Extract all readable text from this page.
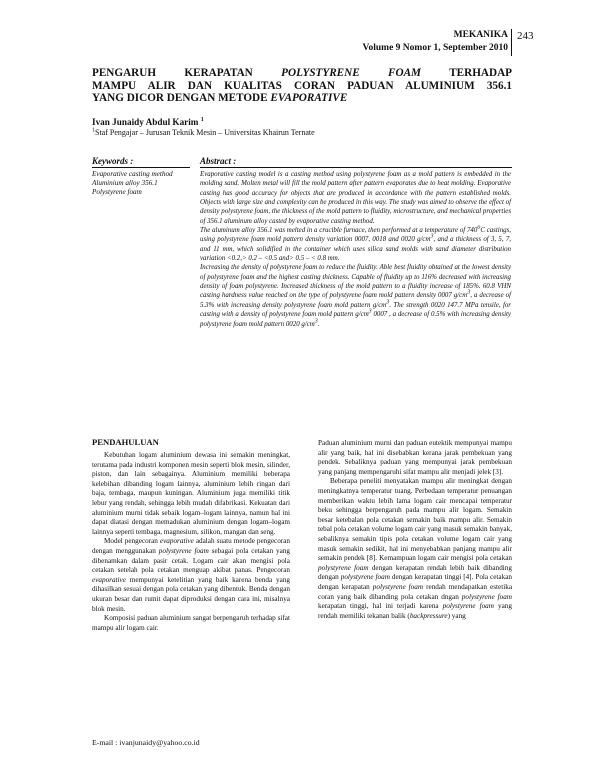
MEKANIKA
Volume 9 Nomor 1, September 2010
243
PENGARUH KERAPATAN	POLYSTYRENE FOAM	TERHADAP
MAMPU ALIR DAN KUALITAS CORAN PADUAN ALUMINIUM 356.1
YANG DICOR DENGAN METODE EVAPORATIVE
Ivan Junaidy Abdul Karim $^1$
$^1$Staf Pengajar – Jurusan Teknik Mesin – Universitas Khairun Ternate
Keywords :
Evaporative casting method
Aluminium alloy 356.1
Polystyrene foam
Abstract :

Evaporative casting model is a casting method using polystyrene foam as a mold pattern is embedded in the molding sand. Molten metal will fill the mold pattern after pattern evaporates due to heat molding. Evaporative casting has good accuracy for objects that are produced in accordance with the pattern established molds. Objects with large size and complexity can be produced in this way. The study was aimed to observe the effect of density polystyrene foam, the thickness of the mold pattern to fluidity, microstructure, and mechanical properties of 356.1 aluminum alloy casted by evaporative casting method.

The aluminum alloy 356.1 was melted in a crucible furnace, then performed at a temperature of 740$^o$C castings, using polystyrene foam mold pattern density variation 0007, 0018 and 0020 $g/cm^3$, and a thickness of 3, 5, 7, and 11 mm, which solidified in the container which uses silica sand molds with sand diameter distribution variation <0.2,> 0.2 – <0.5 and> 0.5 – < 0.8 mm.

Increasing the density of polystyrene foam to reduce the fluidity. Able best fluidity obtained at the lowest density of polystyrene foam and the highest casting thickness. Capable of fluidity up to 116% decreased with increasing density of foam polystyrene. Increased thickness of the mold pattern to a fluidity increase of 185%. 60.8 VHN casting hardness value reached on the type of polystyrene foam mold pattern density 0007 $g/cm^3$, a decrease of 5.3% with increasing density polystyrene foam mold pattern $g/cm^3$. The strength 0020 147.7 MPa tensile, for casting with a density of polystyrene foam mold pattern $g/cm^3$ 0007 , a decrease of 0.5% with increasing density polystyrene foam mold pattern 0020 $g/cm^3$.

PENDAHULUAN

Kebutuhan logam aluminium dewasa ini semakin meningkat, terutama pada industri komponen mesin seperti blok mesin, silinder, piston, dan lain sebagainya. Aluminium memiliki beberapa kelebihan dibanding logam lainnya, aluminium lebih ringan dari baja, tembaga, maupun kuningan. Aluminium juga memiliki titik lebur yang rendah, sehingga lebih mudah difabrikasi. Kekuatan dari aluminium murni tidak sebaik logam–logam lainnya, namun hal ini dapat diatasi dengan memadukan aluminium dengan logam–logam lainnya seperti tembaga, magnesium, silikon, mangan dan seng.

Model pengecoran evaporative adalah suatu metode pengecoran dengan menggunakan polystyrene foam sebagai pola cetakan yang dibenamkan dalam pasir cetak. Logam cair akan mengisi pola cetakan setelah pola cetakan menguap akibat panas. Pengecoran evaporative mempunyai ketelitian yang baik karena benda yang dihasilkan sesuai dengan pola cetakan yang dibentuk. Benda dengan ukuran besar dan rumit dapat diproduksi dengan cara ini, misalnya blok mesin.

Komposisi paduan aluminium sangat berpengaruh terhadap sifat mampu alir logam cair.

Paduan aluminium murni dan paduan eutektik mempunyai mampu alir yang baik, hal ini disebabkan kerana jarak pembekuan yang pendek. Sebaliknya paduan yang mempunyai jarak pembekuan yang panjang mempengaruhi sifat mampu alir menjadi jelek [3].

Beberapa peneliti menyatakan mampu alir meningkat dengan meningkatnya temperatur tuang. Perbedaan temperatur penuangan memberikan waktu lebih lama logam cair mencapai temperatur beku sehingga berpengaruh pada mampu alir logam. Semakin besar ketebalan pola cetakan semakin baik mampu alir. Semakin tebal pola cetakan volume logam cair yang masuk semakin banyak, sebaliknya semakin tipis pola cetakan volume logam cair yang masuk semakin sedikit, hal ini menyebabkan panjang mampu alir semakin pendek [8]. Kemampuan logam cair mengisi pola cetakan polystyrene foam dengan kerapatan rendah lebih baik dibanding dengan polystyrene foam dengan kerapatan tinggi [4]. Pola cetakan dengan kerapatan polystyrene foam rendah mendapatkan estetika coran yang baik dibanding pola cetakan dngan polystyrene foam kerapatan tinggi, hal ini terjadi karena polystyrene foam yang rendah memiliki tekanan balik (backpressure) yang

E-mail : ivanjunaidy@yahoo.co.id
